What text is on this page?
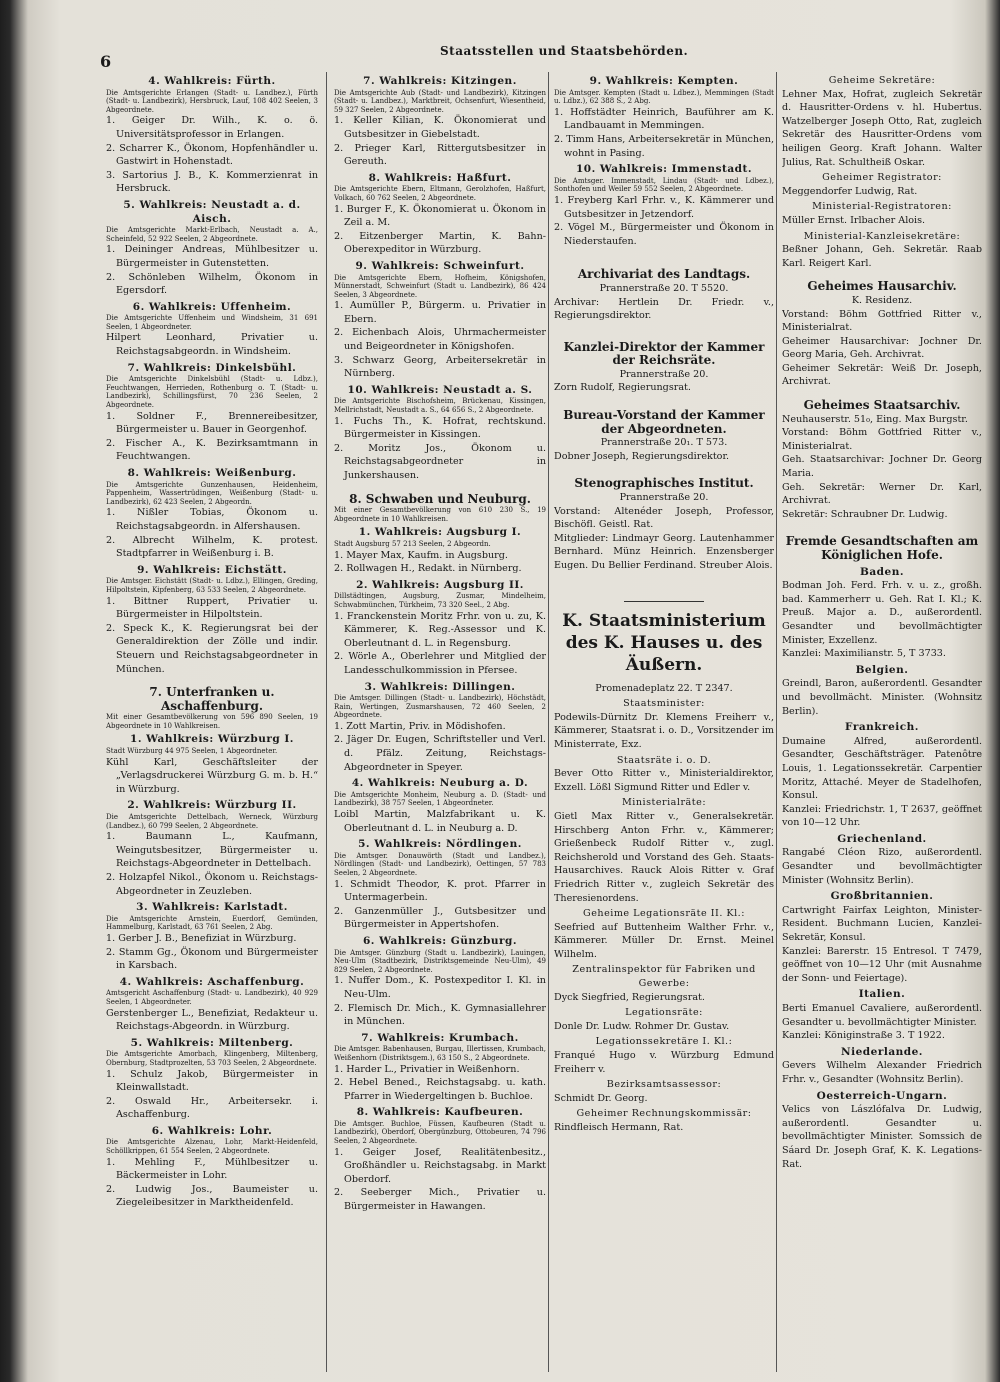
6
Staatsstellen und Staatsbehörden.
4. Wahlkreis: Fürth.
Die Amtsgerichte Erlangen (Stadt- u. Landbez.), Fürth (Stadt- u. Landbezirk), Hersbruck, Lauf, 108 402 Seelen, 3 Abgeordnete.
1. Geiger Dr. Wilh., K. o. ö. Universitätsprofessor in Erlangen.
2. Scharrer K., Ökonom, Hopfenhändler u. Gastwirt in Hohenstadt.
3. Sartorius J. B., K. Kommerzienrat in Hersbruck.
5. Wahlkreis: Neustadt a. d. Aisch.
Die Amtsgerichte Markt-Erlbach, Neustadt a. A., Scheinfeld, 52 922 Seelen, 2 Abgeordnete.
1. Deininger Andreas, Mühlbesitzer u. Bürgermeister in Gutenstetten.
2. Schönleben Wilhelm, Ökonom in Egersdorf.
6. Wahlkreis: Uffenheim.
Die Amtsgerichte Uffenheim und Windsheim, 31 691 Seelen, 1 Abgeordneter.
Hilpert Leonhard, Privatier u. Reichstagsabgeordn. in Windsheim.
7. Wahlkreis: Dinkelsbühl.
Die Amtsgerichte Dinkelsbühl (Stadt- u. Ldbz.), Feuchtwangen, Herrieden, Rothenburg o. T. (Stadt- u. Landbezirk), Schillingsfürst, 70 236 Seelen, 2 Abgeordnete.
1. Soldner F., Brennereibesitzer, Bürgermeister u. Bauer in Georgenhof.
2. Fischer A., K. Bezirksamtmann in Feuchtwangen.
8. Wahlkreis: Weißenburg.
Die Amtsgerichte Gunzenhausen, Heidenheim, Pappenheim, Wassertrüdingen, Weißenburg (Stadt- u. Landbezirk), 62 423 Seelen, 2 Abgeordn.
1. Nißler Tobias, Ökonom u. Reichstagsabgeordn. in Alfershausen.
2. Albrecht Wilhelm, K. protest. Stadtpfarrer in Weißenburg i. B.
9. Wahlkreis: Eichstätt.
Die Amtsger. Eichstätt (Stadt- u. Ldbz.), Ellingen, Greding, Hilpoltstein, Kipfenberg, 63 533 Seelen, 2 Abgeordnete.
1. Bittner Ruppert, Privatier u. Bürgermeister in Hilpoltstein.
2. Speck K., K. Regierungsrat bei der Generaldirektion der Zölle und indir. Steuern und Reichstagsabgeordneter in München.
7. Unterfranken u. Aschaffenburg.
Mit einer Gesamtbevölkerung von 596 890 Seelen, 19 Abgeordnete in 10 Wahlkreisen.
1. Wahlkreis: Würzburg I.
Stadt Würzburg 44 975 Seelen, 1 Abgeordneter.
Kühl Karl, Geschäftsleiter der „Verlagsdruckerei Würzburg G. m. b. H.“ in Würzburg.
2. Wahlkreis: Würzburg II.
Die Amtsgerichte Dettelbach, Werneck, Würzburg (Landbez.), 60 799 Seelen, 2 Abgeordnete.
1. Baumann L., Kaufmann, Weingutsbesitzer, Bürgermeister u. Reichstags-Abgeordneter in Dettelbach.
2. Holzapfel Nikol., Ökonom u. Reichstags-Abgeordneter in Zeuzleben.
3. Wahlkreis: Karlstadt.
Die Amtsgerichte Arnstein, Euerdorf, Gemünden, Hammelburg, Karlstadt, 63 761 Seelen, 2 Abg.
1. Gerber J. B., Benefiziat in Würzburg.
2. Stamm Gg., Ökonom und Bürgermeister in Karsbach.
4. Wahlkreis: Aschaffenburg.
Amtsgericht Aschaffenburg (Stadt- u. Landbezirk), 40 929 Seelen, 1 Abgeordneter.
Gerstenberger L., Benefiziat, Redakteur u. Reichstags-Abgeordn. in Würzburg.
5. Wahlkreis: Miltenberg.
Die Amtsgerichte Amorbach, Klingenberg, Miltenberg, Obernburg, Stadtprozelten, 53 703 Seelen, 2 Abgeordnete.
1. Schulz Jakob, Bürgermeister in Kleinwallstadt.
2. Oswald Hr., Arbeitersekr. i. Aschaffenburg.
6. Wahlkreis: Lohr.
Die Amtsgerichte Alzenau, Lohr, Markt-Heidenfeld, Schöllkrippen, 61 554 Seelen, 2 Abgeordnete.
1. Mehling F., Mühlbesitzer u. Bäckermeister in Lohr.
2. Ludwig Jos., Baumeister u. Ziegeleibesitzer in Marktheidenfeld.
7. Wahlkreis: Kitzingen.
Die Amtsgerichte Aub (Stadt- und Landbezirk), Kitzingen (Stadt- u. Landbez.), Marktbreit, Ochsenfurt, Wiesentheid, 59 327 Seelen, 2 Abgeordnete.
1. Keller Kilian, K. Ökonomierat und Gutsbesitzer in Giebelstadt.
2. Prieger Karl, Rittergutsbesitzer in Gereuth.
8. Wahlkreis: Haßfurt.
Die Amtsgerichte Ebern, Eltmann, Gerolzhofen, Haßfurt, Volkach, 60 762 Seelen, 2 Abgeordnete.
1. Burger F., K. Ökonomierat u. Ökonom in Zeil a. M.
2. Eitzenberger Martin, K. Bahn-Oberexpeditor in Würzburg.
9. Wahlkreis: Schweinfurt.
Die Amtsgerichte Ebern, Hofheim, Königshofen, Münnerstadt, Schweinfurt (Stadt u. Landbezirk), 86 424 Seelen, 3 Abgeordnete.
1. Aumüller P., Bürgerm. u. Privatier in Ebern.
2. Eichenbach Alois, Uhrmachermeister und Beigeordneter in Königshofen.
3. Schwarz Georg, Arbeitersekretär in Nürnberg.
10. Wahlkreis: Neustadt a. S.
Die Amtsgerichte Bischofsheim, Brückenau, Kissingen, Mellrichstadt, Neustadt a. S., 64 656 S., 2 Abgeordnete.
1. Fuchs Th., K. Hofrat, rechtskund. Bürgermeister in Kissingen.
2. Moritz Jos., Ökonom u. Reichstagsabgeordneter in Junkershausen.
8. Schwaben und Neuburg.
Mit einer Gesamtbevölkerung von 610 230 S., 19 Abgeordnete in 10 Wahlkreisen.
1. Wahlkreis: Augsburg I.
Stadt Augsburg 57 213 Seelen, 2 Abgeordn.
1. Mayer Max, Kaufm. in Augsburg.
2. Rollwagen H., Redakt. in Nürnberg.
2. Wahlkreis: Augsburg II.
Dillstädtingen, Augsburg, Zusmar, Mindelheim, Schwabmünchen, Türkheim, 73 320 Seel., 2 Abg.
1. Franckenstein Moritz Frhr. von u. zu, K. Kämmerer, K. Reg.-Assessor und K. Oberleutnant d. L. in Regensburg.
2. Wörle A., Oberlehrer und Mitglied der Landesschulkommission in Pfersee.
3. Wahlkreis: Dillingen.
Die Amtsger. Dillingen (Stadt- u. Landbezirk), Höchstädt, Rain, Wertingen, Zusmarshausen, 72 460 Seelen, 2 Abgeordnete.
1. Zott Martin, Priv. in Mödishofen.
2. Jäger Dr. Eugen, Schriftsteller und Verl. d. Pfälz. Zeitung, Reichstags-Abgeordneter in Speyer.
4. Wahlkreis: Neuburg a. D.
Die Amtsgerichte Monheim, Neuburg a. D. (Stadt- und Landbezirk), 38 757 Seelen, 1 Abgeordneter.
Loibl Martin, Malzfabrikant u. K. Oberleutnant d. L. in Neuburg a. D.
5. Wahlkreis: Nördlingen.
Die Amtsger. Donauwörth (Stadt und Landbez.), Nördlingen (Stadt- und Landbezirk), Oettingen, 57 783 Seelen, 2 Abgeordnete.
1. Schmidt Theodor, K. prot. Pfarrer in Untermagerbein.
2. Ganzenmüller J., Gutsbesitzer und Bürgermeister in Appertshofen.
6. Wahlkreis: Günzburg.
Die Amtsger. Günzburg (Stadt u. Landbezirk), Lauingen, Neu-Ulm (Stadtbezirk, Distriktsgemeinde Neu-Ulm), 49 829 Seelen, 2 Abgeordnete.
1. Nuffer Dom., K. Postexpeditor I. Kl. in Neu-Ulm.
2. Flemisch Dr. Mich., K. Gymnasiallehrer in München.
7. Wahlkreis: Krumbach.
Die Amtsger. Babenhausen, Burgau, Illertissen, Krumbach, Weißenhorn (Distriktsgem.), 63 150 S., 2 Abgeordnete.
1. Harder L., Privatier in Weißenhorn.
2. Hebel Bened., Reichstagsabg. u. kath. Pfarrer in Wiedergeltingen b. Buchloe.
8. Wahlkreis: Kaufbeuren.
Die Amtsger. Buchloe, Füssen, Kaufbeuren (Stadt u. Landbezirk), Oberdorf, Obergünzburg, Ottobeuren, 74 796 Seelen, 2 Abgeordnete.
1. Geiger Josef, Realitätenbesitz., Großhändler u. Reichstagsabg. in Markt Oberdorf.
2. Seeberger Mich., Privatier u. Bürgermeister in Hawangen.
9. Wahlkreis: Kempten.
Die Amtsger. Kempten (Stadt u. Ldbez.), Memmingen (Stadt u. Ldbz.), 62 388 S., 2 Abg.
1. Hoffstädter Heinrich, Bauführer am K. Landbauamt in Memmingen.
2. Timm Hans, Arbeitersekretär in München, wohnt in Pasing.
10. Wahlkreis: Immenstadt.
Die Amtsger. Immenstadt, Lindau (Stadt- und Ldbez.), Sonthofen und Weiler 59 552 Seelen, 2 Abgeordnete.
1. Freyberg Karl Frhr. v., K. Kämmerer und Gutsbesitzer in Jetzendorf.
2. Vögel M., Bürgermeister und Ökonom in Niederstaufen.
Archivariat des Landtags.
Prannerstraße 20. T 5520.
Archivar: Hertlein Dr. Friedr. v., Regierungsdirektor.
Kanzlei-Direktor der Kammer der Reichsräte.
Prannerstraße 20.
Zorn Rudolf, Regierungsrat.
Bureau-Vorstand der Kammer der Abgeordneten.
Prannerstraße 20₁. T 573.
Dobner Joseph, Regierungsdirektor.
Stenographisches Institut.
Prannerstraße 20.
Vorstand: Altenéder Joseph, Professor, Bischöfl. Geistl. Rat.
Mitglieder: Lindmayr Georg. Lautenhammer Bernhard. Münz Heinrich. Enzensberger Eugen. Du Bellier Ferdinand. Streuber Alois.
K. Staatsministerium des K. Hauses u. des Äußern.
Promenadeplatz 22. T 2347.
Staatsminister:
Podewils-Dürnitz Dr. Klemens Freiherr v., Kämmerer, Staatsrat i. o. D., Vorsitzender im Ministerrate, Exz.
Staatsräte i. o. D.
Bever Otto Ritter v., Ministerialdirektor, Exzell. Lößl Sigmund Ritter und Edler v.
Ministerialräte:
Gietl Max Ritter v., Generalsekretär. Hirschberg Anton Frhr. v., Kämmerer; Grießenbeck Rudolf Ritter v., zugl. Reichsherold und Vorstand des Geh. Staats-Hausarchives. Rauck Alois Ritter v. Graf Friedrich Ritter v., zugleich Sekretär des Theresienordens.
Geheime Legationsräte II. Kl.:
Seefried auf Buttenheim Walther Frhr. v., Kämmerer. Müller Dr. Ernst. Meinel Wilhelm.
Zentralinspektor für Fabriken und Gewerbe:
Dyck Siegfried, Regierungsrat.
Legationsräte:
Donle Dr. Ludw. Rohmer Dr. Gustav.
Legationssekretäre I. Kl.:
Franqué Hugo v. Würzburg Edmund Freiherr v.
Bezirksamtsassessor:
Schmidt Dr. Georg.
Geheimer Rechnungskommissär:
Rindfleisch Hermann, Rat.
Geheime Sekretäre:
Lehner Max, Hofrat, zugleich Sekretär d. Hausritter-Ordens v. hl. Hubertus. Watzelberger Joseph Otto, Rat, zugleich Sekretär des Hausritter-Ordens vom heiligen Georg. Kraft Johann. Walter Julius, Rat. Schultheiß Oskar.
Geheimer Registrator:
Meggendorfer Ludwig, Rat.
Ministerial-Registratoren:
Müller Ernst. Irlbacher Alois.
Ministerial-Kanzleisekretäre:
Beßner Johann, Geh. Sekretär. Raab Karl. Reigert Karl.
Geheimes Hausarchiv.
K. Residenz.
Vorstand: Böhm Gottfried Ritter v., Ministerialrat.
Geheimer Hausarchivar: Jochner Dr. Georg Maria, Geh. Archivrat.
Geheimer Sekretär: Weiß Dr. Joseph, Archivrat.
Geheimes Staatsarchiv.
Neuhauserstr. 51₀, Eing. Max Burgstr.
Vorstand: Böhm Gottfried Ritter v., Ministerialrat.
Geh. Staatsarchivar: Jochner Dr. Georg Maria.
Geh. Sekretär: Werner Dr. Karl, Archivrat.
Sekretär: Schraubner Dr. Ludwig.
Fremde Gesandtschaften am Königlichen Hofe.
Baden.
Bodman Joh. Ferd. Frh. v. u. z., großh. bad. Kammerherr u. Geh. Rat I. Kl.; K. Preuß. Major a. D., außerordentl. Gesandter und bevollmächtigter Minister, Exzellenz.
Kanzlei: Maximilianstr. 5, T 3733.
Belgien.
Greindl, Baron, außerordentl. Gesandter und bevollmächt. Minister. (Wohnsitz Berlin).
Frankreich.
Dumaine Alfred, außerordentl. Gesandter, Geschäftsträger. Patenôtre Louis, 1. Legationssekretär. Carpentier Moritz, Attaché. Meyer de Stadelhofen, Konsul.
Kanzlei: Friedrichstr. 1, T 2637, geöffnet von 10—12 Uhr.
Griechenland.
Rangabé Cléon Rizo, außerordentl. Gesandter und bevollmächtigter Minister (Wohnsitz Berlin).
Großbritannien.
Cartwright Fairfax Leighton, Minister-Resident. Buchmann Lucien, Kanzlei-Sekretär, Konsul.
Kanzlei: Barerstr. 15 Entresol. T 7479, geöffnet von 10—12 Uhr (mit Ausnahme der Sonn- und Feiertage).
Italien.
Berti Emanuel Cavaliere, außerordentl. Gesandter u. bevollmächtigter Minister.
Kanzlei: Königinstraße 3. T 1922.
Niederlande.
Gevers Wilhelm Alexander Friedrich Frhr. v., Gesandter (Wohnsitz Berlin).
Oesterreich-Ungarn.
Velics von Lászlófalva Dr. Ludwig, außerordentl. Gesandter u. bevollmächtigter Minister. Somssich de Sáard Dr. Joseph Graf, K. K. Legations-Rat.
